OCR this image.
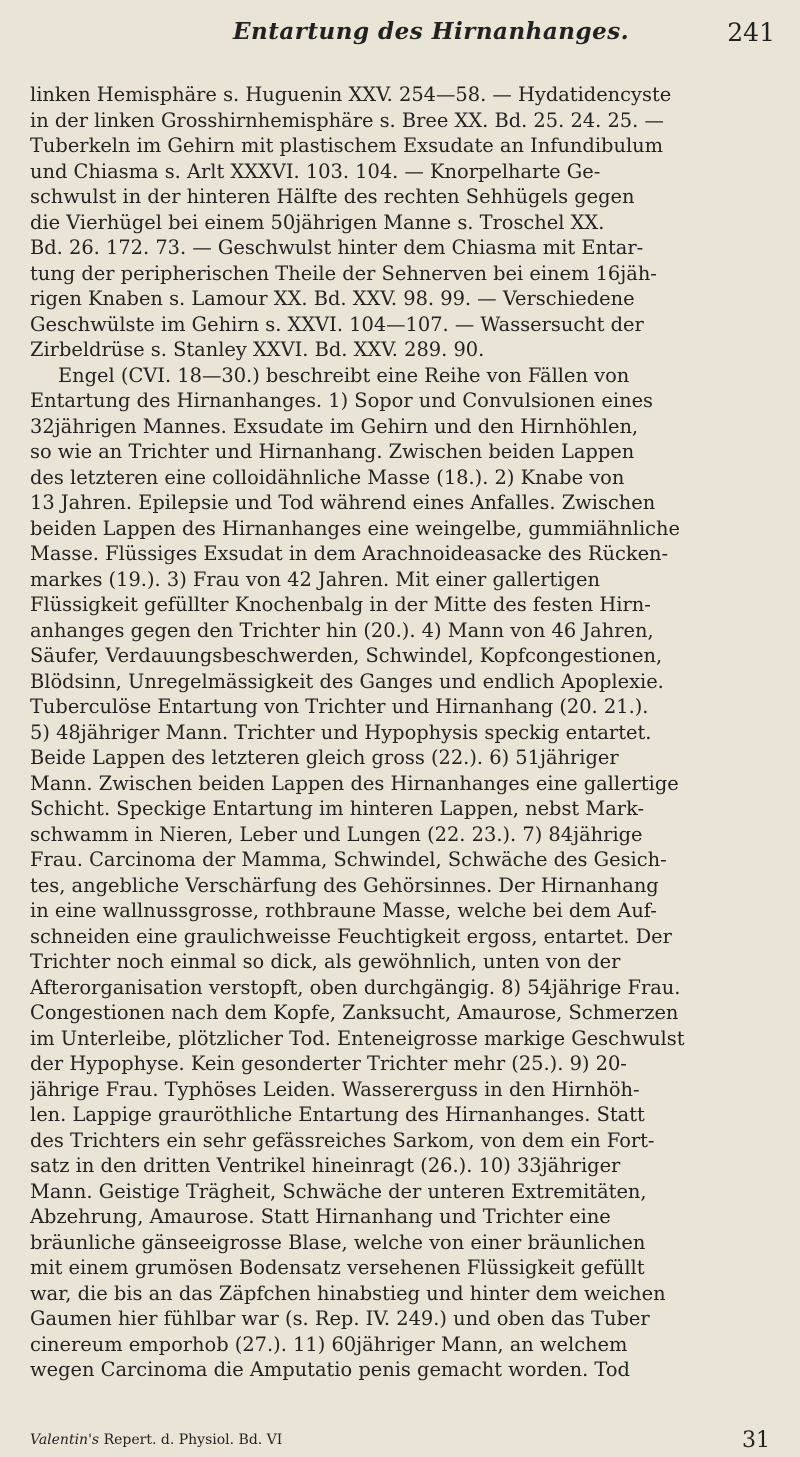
Entartung des Hirnanhanges.	241
linken Hemisphäre s. Huguenin XXV. 254—58. — Hydatidencyste
in der linken Grosshirnhemisphäre s. Bree XX. Bd. 25. 24. 25. —
Tuberkeln im Gehirn mit plastischem Exsudate an Infundibulum
und Chiasma s. Arlt XXXVI. 103. 104. — Knorpelharte Ge-
schwulst in der hinteren Hälfte des rechten Sehhügels gegen
die Vierhügel bei einem 50jährigen Manne s. Troschel XX.
Bd. 26. 172. 73. — Geschwulst hinter dem Chiasma mit Entar-
tung der peripherischen Theile der Sehnerven bei einem 16jäh-
rigen Knaben s. Lamour XX. Bd. XXV. 98. 99. — Verschiedene
Geschwülste im Gehirn s. XXVI. 104—107. — Wassersucht der
Zirbeldrüse s. Stanley XXVI. Bd. XXV. 289. 90.
Engel (CVI. 18—30.) beschreibt eine Reihe von Fällen von
Entartung des Hirnanhanges. 1) Sopor und Convulsionen eines
32jährigen Mannes. Exsudate im Gehirn und den Hirnhöhlen,
so wie an Trichter und Hirnanhang. Zwischen beiden Lappen
des letzteren eine colloidähnliche Masse (18.). 2) Knabe von
13 Jahren. Epilepsie und Tod während eines Anfalles. Zwischen
beiden Lappen des Hirnanhanges eine weingelbe, gummiähnliche
Masse. Flüssiges Exsudat in dem Arachnoideasacke des Rücken-
markes (19.). 3) Frau von 42 Jahren. Mit einer gallertigen
Flüssigkeit gefüllter Knochenbalg in der Mitte des festen Hirn-
anhanges gegen den Trichter hin (20.). 4) Mann von 46 Jahren,
Säufer, Verdauungsbeschwerden, Schwindel, Kopfcongestionen,
Blödsinn, Unregelmässigkeit des Ganges und endlich Apoplexie.
Tuberculöse Entartung von Trichter und Hirnanhang (20. 21.).
5) 48jähriger Mann. Trichter und Hypophysis speckig entartet.
Beide Lappen des letzteren gleich gross (22.). 6) 51jähriger
Mann. Zwischen beiden Lappen des Hirnanhanges eine gallertige
Schicht. Speckige Entartung im hinteren Lappen, nebst Mark-
schwamm in Nieren, Leber und Lungen (22. 23.). 7) 84jährige
Frau. Carcinoma der Mamma, Schwindel, Schwäche des Gesich-
tes, angebliche Verschärfung des Gehörsinnes. Der Hirnanhang
in eine wallnussgrosse, rothbraune Masse, welche bei dem Auf-
schneiden eine graulichweisse Feuchtigkeit ergoss, entartet. Der
Trichter noch einmal so dick, als gewöhnlich, unten von der
Afterorganisation verstopft, oben durchgängig. 8) 54jährige Frau.
Congestionen nach dem Kopfe, Zanksucht, Amaurose, Schmerzen
im Unterleibe, plötzlicher Tod. Enteneigrosse markige Geschwulst
der Hypophyse. Kein gesonderter Trichter mehr (25.). 9) 20-
jährige Frau. Typhöses Leiden. Wassererguss in den Hirnhöh-
len. Lappige grauröthliche Entartung des Hirnanhanges. Statt
des Trichters ein sehr gefässreiches Sarkom, von dem ein Fort-
satz in den dritten Ventrikel hineinragt (26.). 10) 33jähriger
Mann. Geistige Trägheit, Schwäche der unteren Extremitäten,
Abzehrung, Amaurose. Statt Hirnanhang und Trichter eine
bräunliche gänseeigrosse Blase, welche von einer bräunlichen
mit einem grumösen Bodensatz versehenen Flüssigkeit gefüllt
war, die bis an das Zäpfchen hinabstieg und hinter dem weichen
Gaumen hier fühlbar war (s. Rep. IV. 249.) und oben das Tuber
cinereum emporhob (27.). 11) 60jähriger Mann, an welchem
wegen Carcinoma die Amputatio penis gemacht worden. Tod
Valentin's Repert. d. Physiol. Bd. VI	31
